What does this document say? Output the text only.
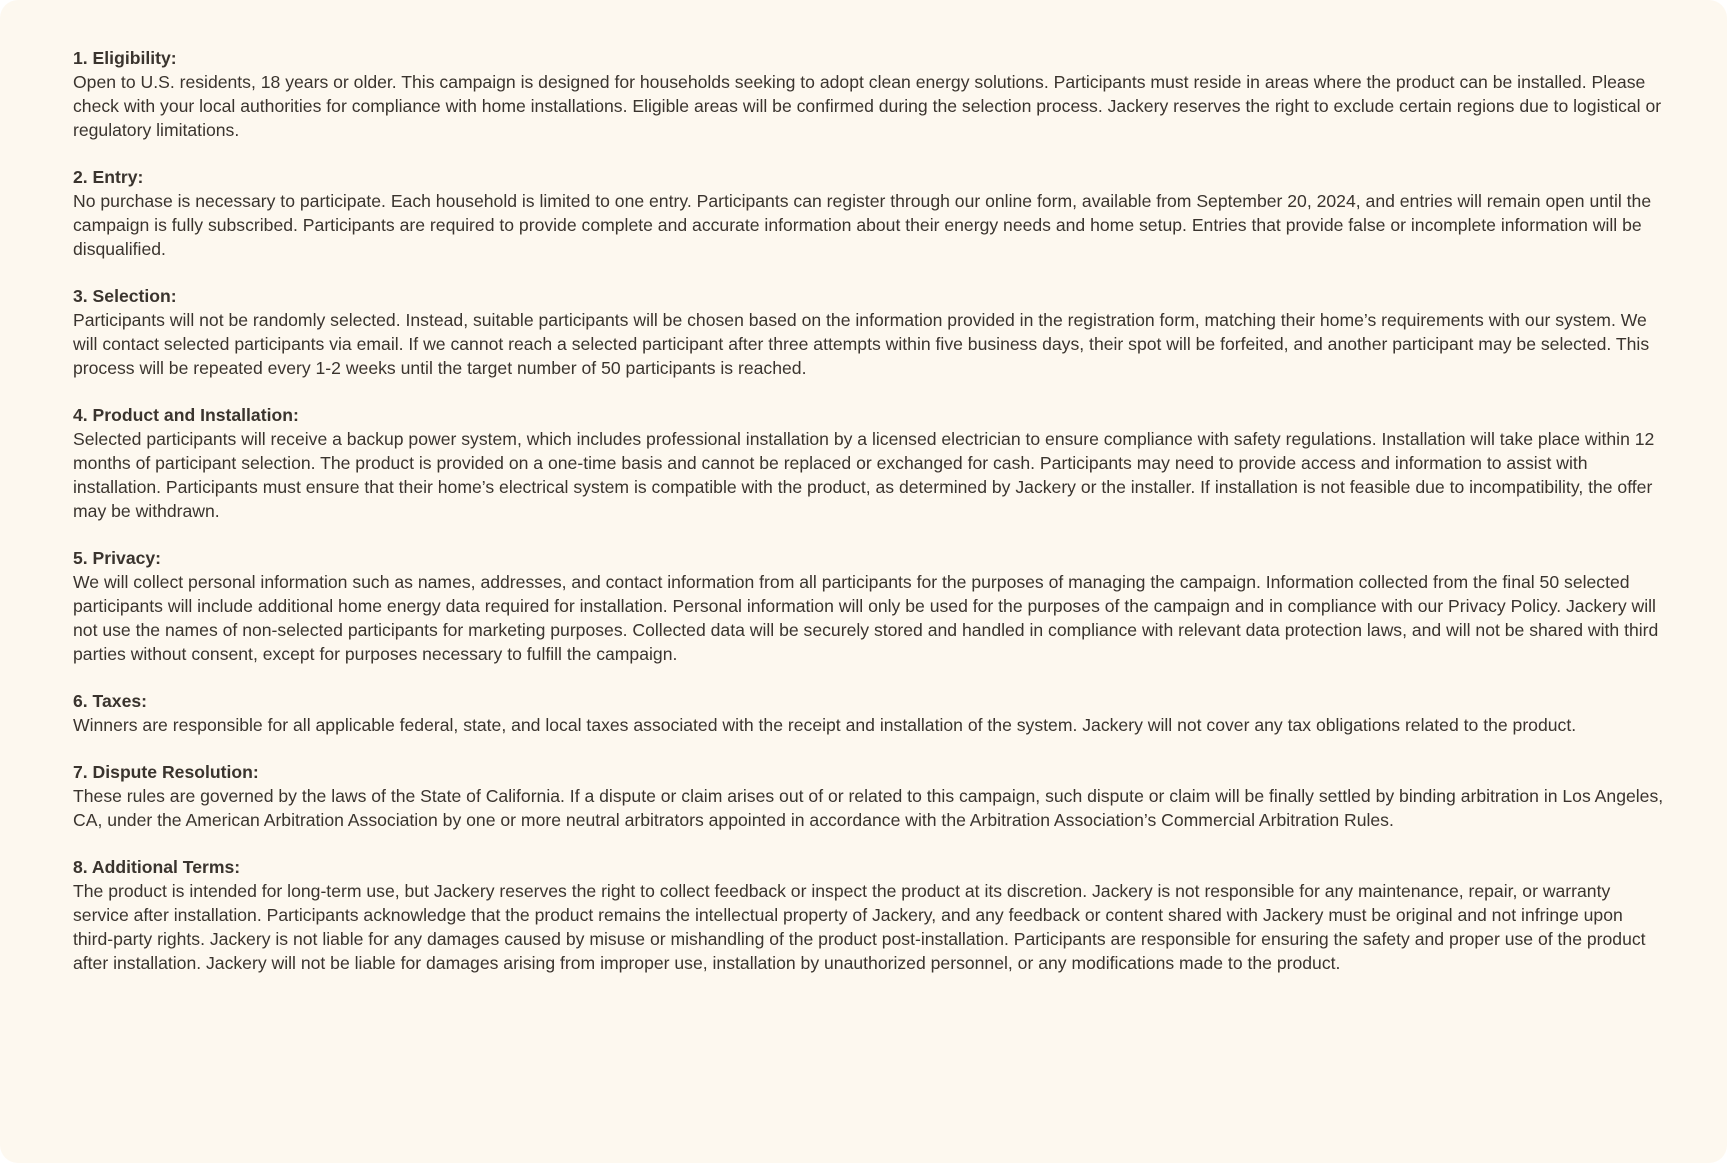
1. Eligibility:

Open to U.S. residents, 18 years or older. This campaign is designed for households seeking to adopt clean energy solutions. Participants must reside in areas where the product can be installed. Please check with your local authorities for compliance with home installations. Eligible areas will be confirmed during the selection process. Jackery reserves the right to exclude certain regions due to logistical or regulatory limitations.

2. Entry:

No purchase is necessary to participate. Each household is limited to one entry. Participants can register through our online form, available from September 20, 2024, and entries will remain open until the campaign is fully subscribed. Participants are required to provide complete and accurate information about their energy needs and home setup. Entries that provide false or incomplete information will be disqualified.

3. Selection:

Participants will not be randomly selected. Instead, suitable participants will be chosen based on the information provided in the registration form, matching their home’s requirements with our system. We will contact selected participants via email. If we cannot reach a selected participant after three attempts within five business days, their spot will be forfeited, and another participant may be selected. This process will be repeated every 1-2 weeks until the target number of 50 participants is reached.

4. Product and Installation:

Selected participants will receive a backup power system, which includes professional installation by a licensed electrician to ensure compliance with safety regulations. Installation will take place within 12 months of participant selection. The product is provided on a one-time basis and cannot be replaced or exchanged for cash. Participants may need to provide access and information to assist with installation. Participants must ensure that their home’s electrical system is compatible with the product, as determined by Jackery or the installer. If installation is not feasible due to incompatibility, the offer may be withdrawn.

5. Privacy:

We will collect personal information such as names, addresses, and contact information from all participants for the purposes of managing the campaign. Information collected from the final 50 selected participants will include additional home energy data required for installation. Personal information will only be used for the purposes of the campaign and in compliance with our Privacy Policy. Jackery will not use the names of non-selected participants for marketing purposes. Collected data will be securely stored and handled in compliance with relevant data protection laws, and will not be shared with third parties without consent, except for purposes necessary to fulfill the campaign.

6. Taxes:

Winners are responsible for all applicable federal, state, and local taxes associated with the receipt and installation of the system. Jackery will not cover any tax obligations related to the product.

7. Dispute Resolution:

These rules are governed by the laws of the State of California. If a dispute or claim arises out of or related to this campaign, such dispute or claim will be finally settled by binding arbitration in Los Angeles, CA, under the American Arbitration Association by one or more neutral arbitrators appointed in accordance with the Arbitration Association’s Commercial Arbitration Rules.

8. Additional Terms:

The product is intended for long-term use, but Jackery reserves the right to collect feedback or inspect the product at its discretion. Jackery is not responsible for any maintenance, repair, or warranty service after installation. Participants acknowledge that the product remains the intellectual property of Jackery, and any feedback or content shared with Jackery must be original and not infringe upon third-party rights. Jackery is not liable for any damages caused by misuse or mishandling of the product post-installation. Participants are responsible for ensuring the safety and proper use of the product after installation. Jackery will not be liable for damages arising from improper use, installation by unauthorized personnel, or any modifications made to the product.
